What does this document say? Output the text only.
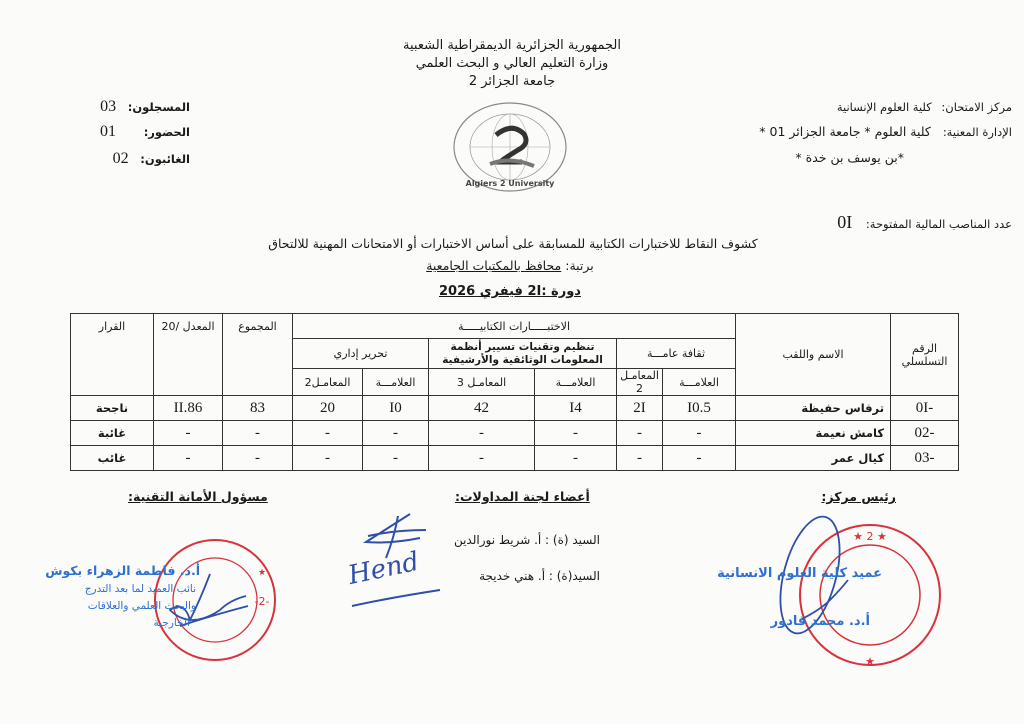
الجمهورية الجزائرية الديمقراطية الشعبية
وزارة التعليم العالي و البحث العلمي
جامعة الجزائر 2
Algiers 2 University
المسجلون: 03
الحضور: 01
الغائبون: 02
مركز الامتحان: كلية العلوم الإنسانية
الإدارة المعنية: كلية العلوم * جامعة الجزائر 01 *
*بن يوسف بن خدة *
عدد المناصب المالية المفتوحة: 0I
كشوف النقاط للاختبارات الكتابية للمسابقة على أساس الاختبارات أو الامتحانات المهنية للالتحاق
برتبة: محافظ بالمكتبات الجامعية
دورة :2I فيفري 2026
الرقم التسلسلي	الاسم واللقب	الاختبـــــارات الكتابيـــــة						المجموع	المعدل /20	القرار
		ثقافة عامـــة		تنظيم وتقنيات تسيير أنظمة المعلومات الوثائقية والأرشيفية		تحرير إداري				
		العلامـــة	المعامـل 2	العلامـــة	المعامـل 3	العلامـــة	المعامـل2			
-0I	ترفاس حفيظة	I0.5	2I	I4	42	I0	20	83	II.86	ناجحة
-02	كامش نعيمة	-	-	-	-	-	-	-	-	غائبة
-03	كيال عمر	-	-	-	-	-	-	-	-	غائب
رئيس مركز:
أعضاء لجنة المداولات:
مسؤول الأمانة التقنية:
السيد (ة) : أ. شريط نورالدين
السيد(ة) : أ. هني خديجة
Hend
★ 2 ★
★
عميد كلية العلوم الانسانية
أ.د. محمد قادور
-2-
★
أ.د. فاطمة الزهراء بكوش
نائب العميد لما بعد التدرج
والبحث العلمي والعلاقات
الخارجية
